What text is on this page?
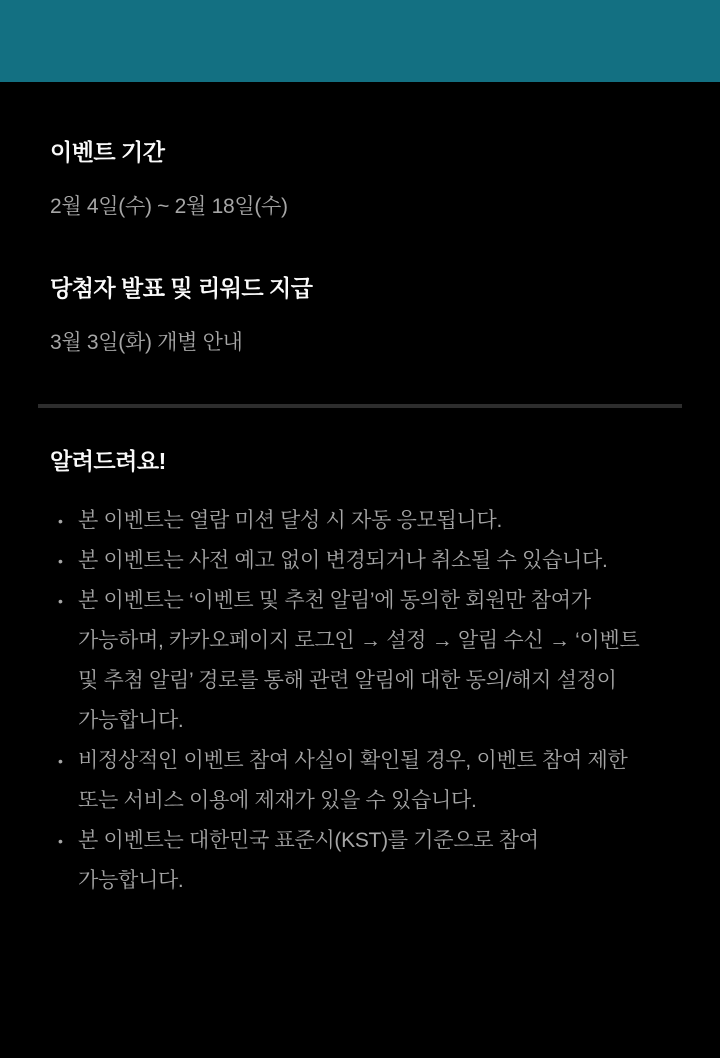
이벤트 기간

2월 4일(수) ~ 2월 18일(수)

당첨자 발표 및 리워드 지급

3월 3일(화) 개별 안내

알려드려요!
• 본 이벤트는 열람 미션 달성 시 자동 응모됩니다.
• 본 이벤트는 사전 예고 없이 변경되거나 취소될 수 있습니다.
• 본 이벤트는 ‘이벤트 및 추천 알림’에 동의한 회원만 참여가 가능하며, 카카오페이지 로그인 → 설정 → 알림 수신 → ‘이벤트 및 추첨 알림’ 경로를 통해 관련 알림에 대한 동의/해지 설정이 가능합니다.
• 비정상적인 이벤트 참여 사실이 확인될 경우, 이벤트 참여 제한 또는 서비스 이용에 제재가 있을 수 있습니다.
• 본 이벤트는 대한민국 표준시(KST)를 기준으로 참여 가능합니다.
